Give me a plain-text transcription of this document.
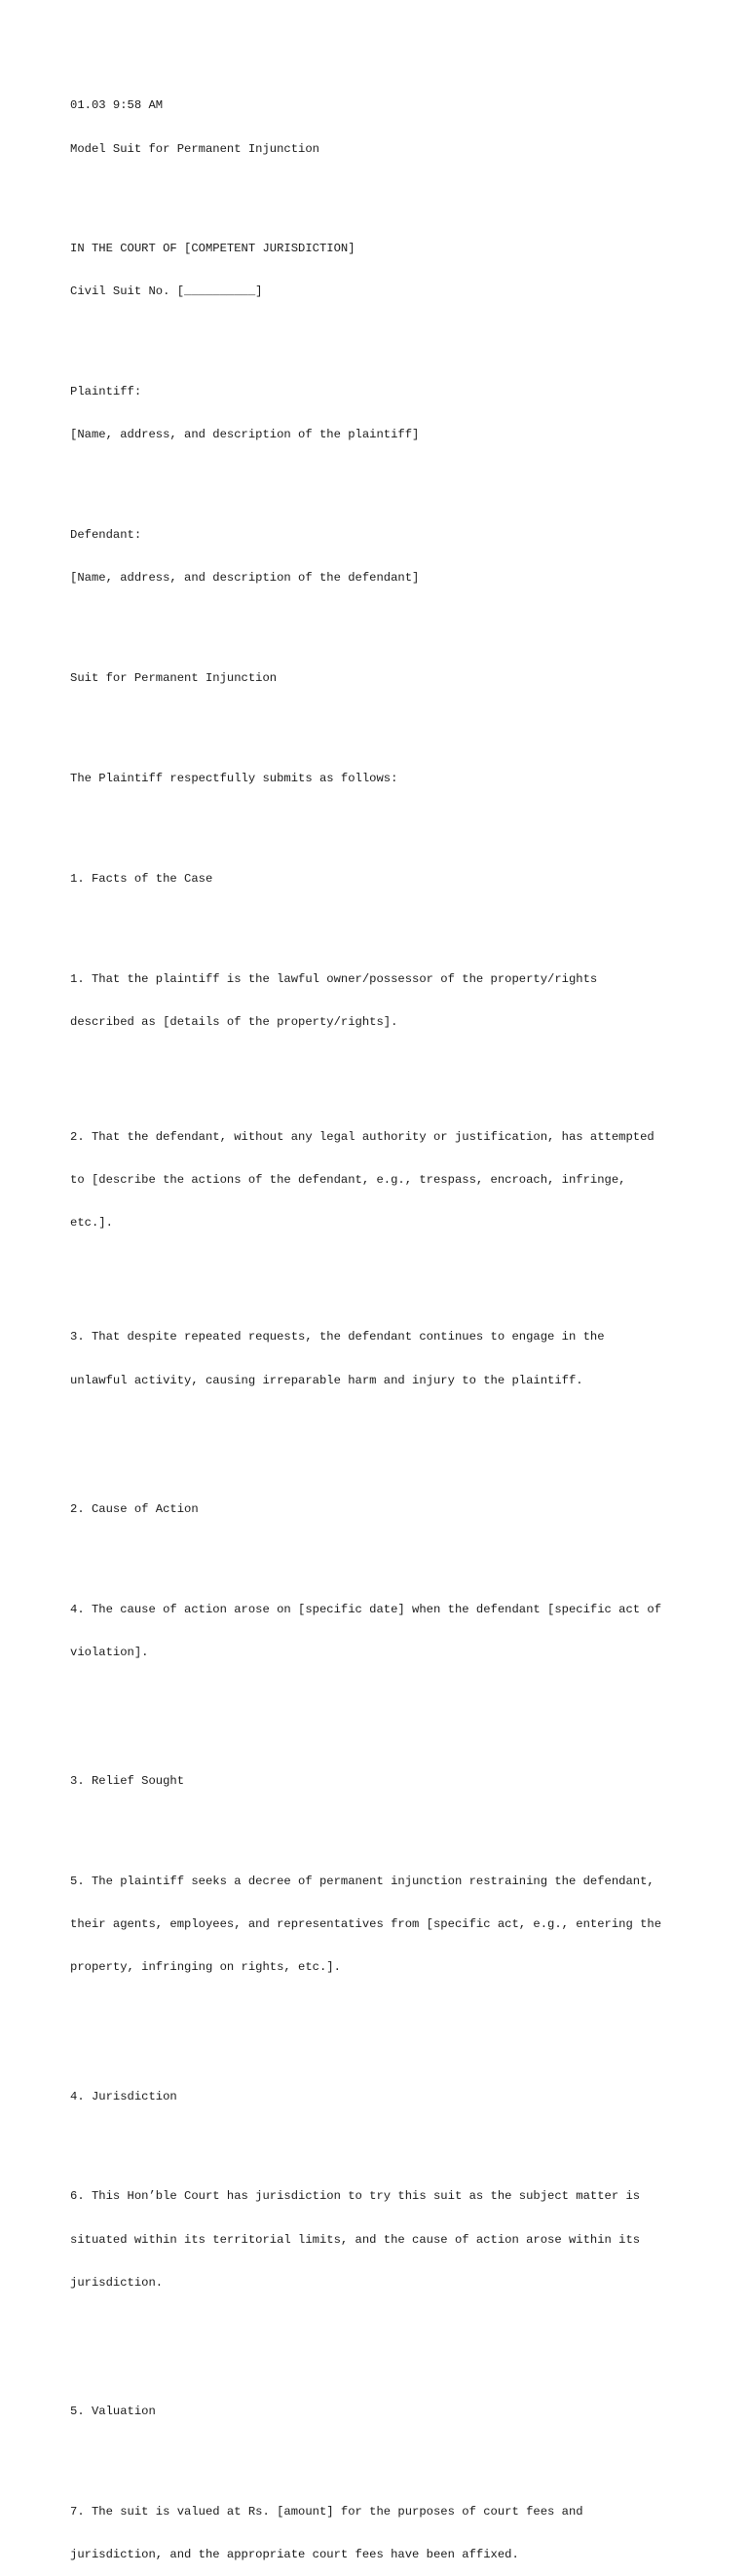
01.03 9:58 AM

Model Suit for Permanent Injunction

IN THE COURT OF [COMPETENT JURISDICTION]

Civil Suit No. [__________]

Plaintiff:

[Name, address, and description of the plaintiff]

Defendant:

[Name, address, and description of the defendant]

Suit for Permanent Injunction

The Plaintiff respectfully submits as follows:

1. Facts of the Case

1. That the plaintiff is the lawful owner/possessor of the property/rights

described as [details of the property/rights].

2. That the defendant, without any legal authority or justification, has attempted

to [describe the actions of the defendant, e.g., trespass, encroach, infringe,

etc.].

3. That despite repeated requests, the defendant continues to engage in the

unlawful activity, causing irreparable harm and injury to the plaintiff.

2. Cause of Action

4. The cause of action arose on [specific date] when the defendant [specific act of

violation].

3. Relief Sought

5. The plaintiff seeks a decree of permanent injunction restraining the defendant,

their agents, employees, and representatives from [specific act, e.g., entering the

property, infringing on rights, etc.].

4. Jurisdiction

6. This Hon’ble Court has jurisdiction to try this suit as the subject matter is

situated within its territorial limits, and the cause of action arose within its

jurisdiction.

5. Valuation

7. The suit is valued at Rs. [amount] for the purposes of court fees and

jurisdiction, and the appropriate court fees have been affixed.
